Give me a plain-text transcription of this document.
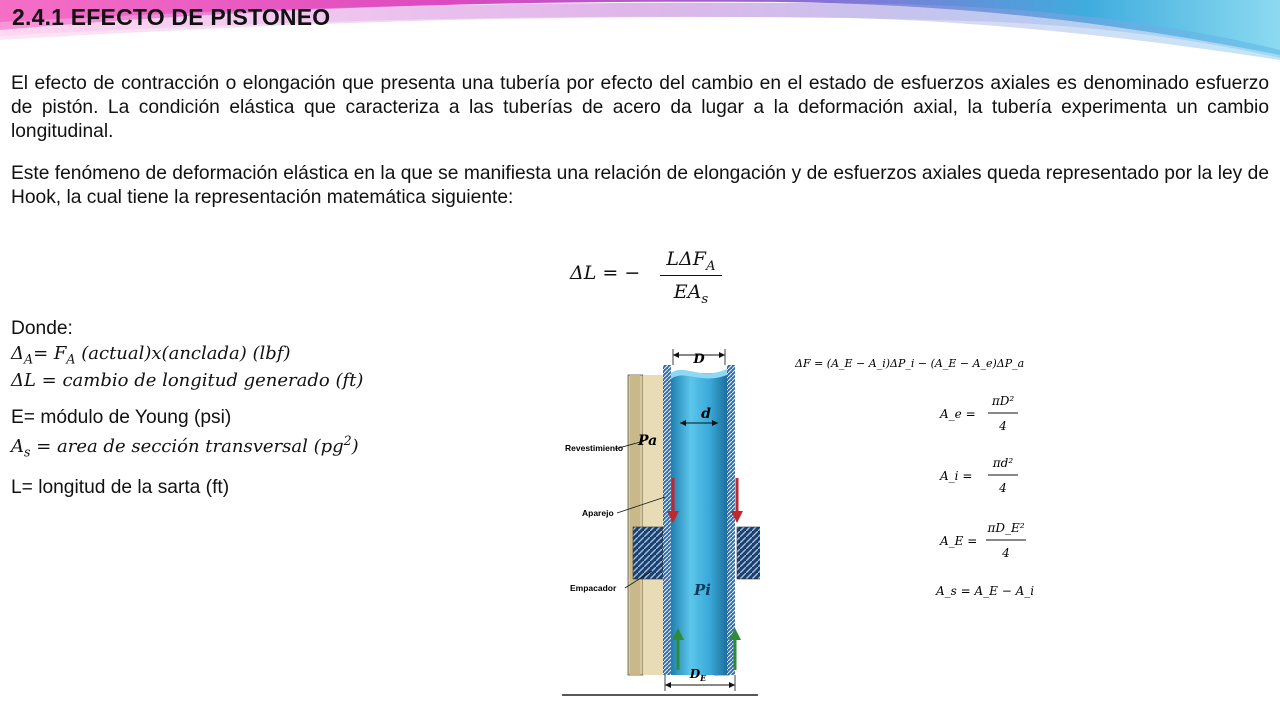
2.4.1 EFECTO DE PISTONEO

El efecto de contracción o elongación que presenta una tubería por efecto del cambio en el estado de esfuerzos axiales es denominado esfuerzo de pistón. La condición elástica que caracteriza a las tuberías de acero da lugar a la deformación axial, la tubería experimenta un cambio longitudinal.

Este fenómeno de deformación elástica en la que se manifiesta una relación de elongación y de esfuerzos axiales queda representado por la ley de Hook, la cual tiene la representación matemática siguiente:

ΔL = −
$L\Delta F_A$
$EA_s$
Donde:
$\Delta_A= F_A$ (actual)x(anclada) (lbf)
ΔL = cambio de longitud generado (ft)
E= módulo de Young (psi)
$A_s$ = area de sección transversal $(pg^2)$
L= longitud de la sarta (ft)
D
d
Pa
Pi
$D_E$
Revestimiento
Aparejo
Empacador
ΔF = (A_E − A_i)ΔP_i − (A_E − A_e)ΔP_a
A_e =
πD²
4
A_i =
πd²
4
A_E =
πD_E²
4
A_s = A_E − A_i
